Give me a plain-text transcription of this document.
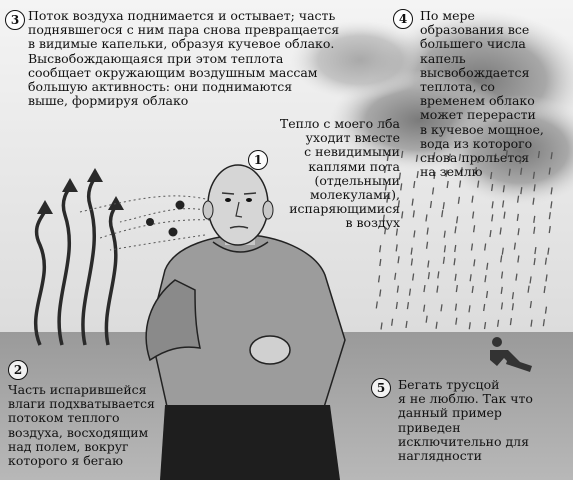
3 Поток воздуха поднимается и остывает; часть
поднявшегося с ним пара снова превращается
в видимые капельки, образуя кучевое облако.
Высвобождающаяся при этом теплота
сообщает окружающим воздушным массам
большую активность: они поднимаются
выше, формируя облако
4	По мере
образования все
большего числа
капель
высвобождается
теплота, со
временем облако
может перерасти
в кучевое мощное,
вода из которого
снова прольется
на землю
1
Тепло с моего лба
уходит вместе
с невидимыми
каплями пота
(отдельными
молекулами),
испаряющимися
в воздух
2
Часть испарившейся
влаги подхватывается
потоком теплого
воздуха, восходящим
над полем, вокруг
которого я бегаю
5	Бегать трусцой
я не люблю. Так что
данный пример
приведен
исключительно для
наглядности
